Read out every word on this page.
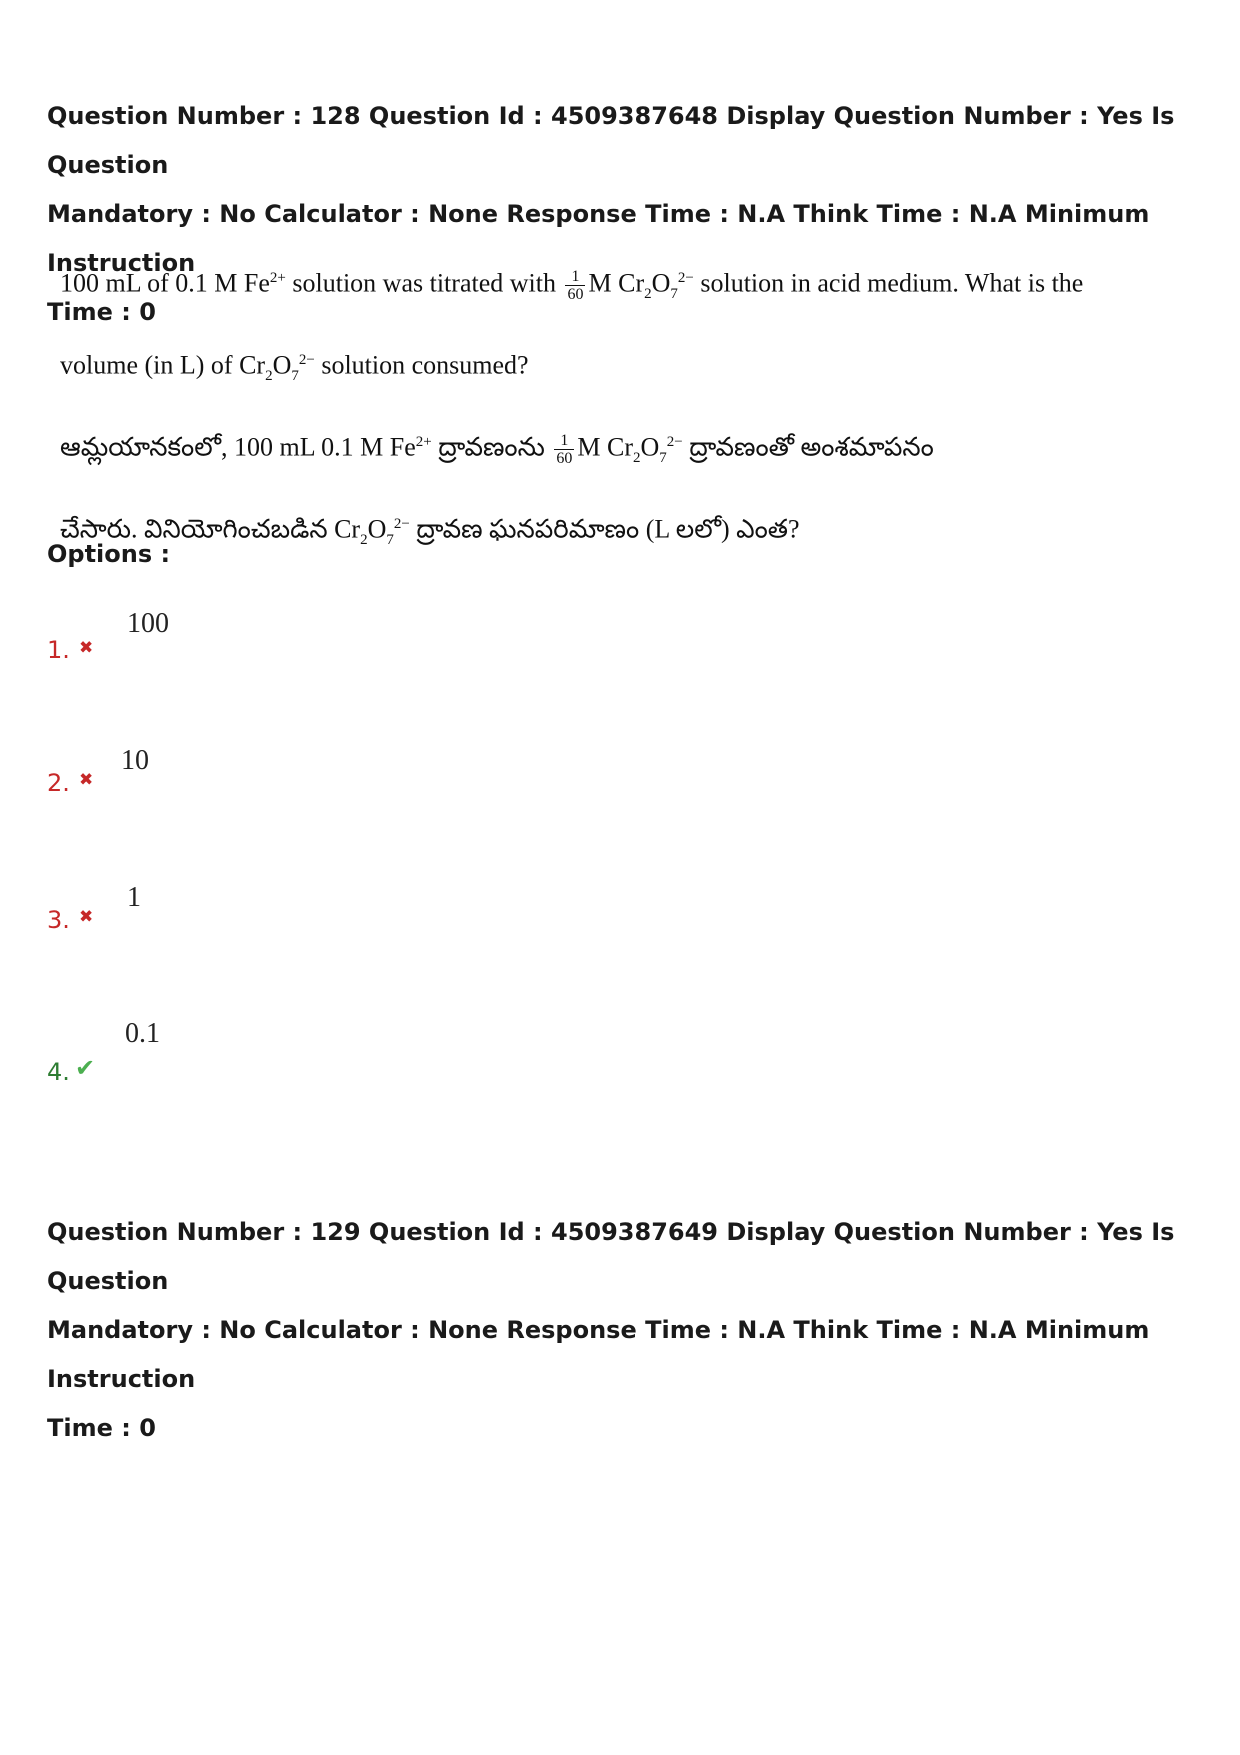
Question Number : 128 Question Id : 4509387648 Display Question Number : Yes Is Question
Mandatory : No Calculator : None Response Time : N.A Think Time : N.A Minimum Instruction
Time : 0

100 mL of 0.1 M $Fe^{2+}$ solution was titrated with $\frac{1}{60}$ M $Cr_2O_7^{2-}$ solution in acid medium. What is the

volume (in L) of $Cr_2O_7^{2-}$ solution consumed?

ఆమ్లయానకంలో, 100 mL 0.1 M $Fe^{2+}$ ద్రావణంను $\frac{1}{60}$ M $Cr_2O_7^{2-}$ ద్రావణంతో అంశమాపనం

చేసారు. వినియోగించబడిన $Cr_2O_7^{2-}$ ద్రావణ ఘనపరిమాణం (L లలో) ఎంత?

Options :
1. ✖
100
2. ✖
10
3. ✖
1
4. ✔
0.1
Question Number : 129 Question Id : 4509387649 Display Question Number : Yes Is Question
Mandatory : No Calculator : None Response Time : N.A Think Time : N.A Minimum Instruction
Time : 0
